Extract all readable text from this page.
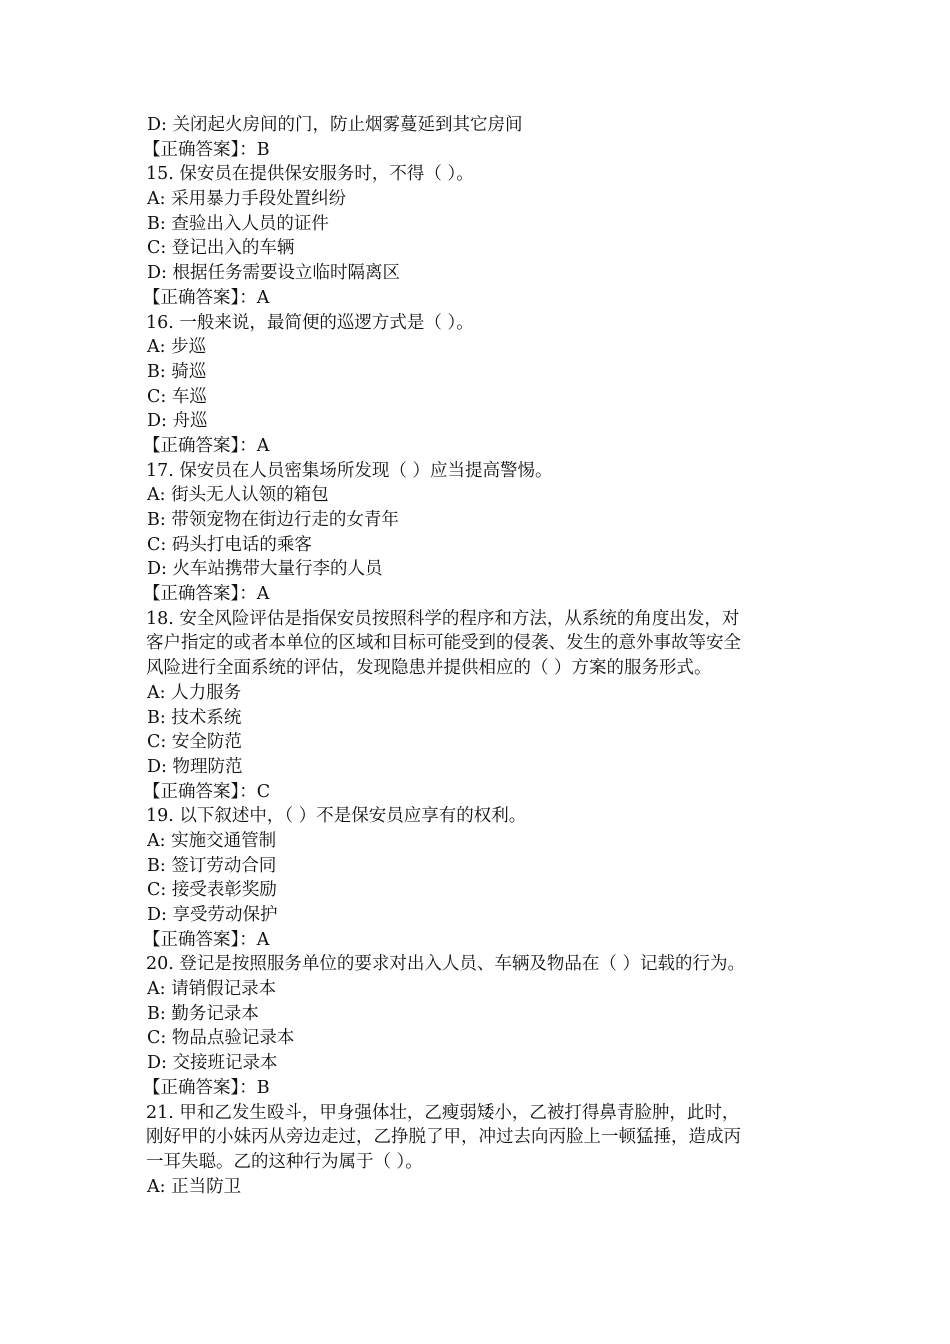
D: 关闭起火房间的门，防止烟雾蔓延到其它房间
【正确答案】：B
15. 保安员在提供保安服务时，不得（ ）。
A: 采用暴力手段处置纠纷
B: 查验出入人员的证件
C: 登记出入的车辆
D: 根据任务需要设立临时隔离区
【正确答案】：A
16. 一般来说，最简便的巡逻方式是（ ）。
A: 步巡
B: 骑巡
C: 车巡
D: 舟巡
【正确答案】：A
17. 保安员在人员密集场所发现（ ）应当提高警惕。
A: 街头无人认领的箱包
B: 带领宠物在街边行走的女青年
C: 码头打电话的乘客
D: 火车站携带大量行李的人员
【正确答案】：A
18. 安全风险评估是指保安员按照科学的程序和方法，从系统的角度出发，对
客户指定的或者本单位的区域和目标可能受到的侵袭、发生的意外事故等安全
风险进行全面系统的评估，发现隐患并提供相应的（ ）方案的服务形式。
A: 人力服务
B: 技术系统
C: 安全防范
D: 物理防范
【正确答案】：C
19. 以下叙述中，（ ）不是保安员应享有的权利。
A: 实施交通管制
B: 签订劳动合同
C: 接受表彰奖励
D: 享受劳动保护
【正确答案】：A
20. 登记是按照服务单位的要求对出入人员、车辆及物品在（ ）记载的行为。
A: 请销假记录本
B: 勤务记录本
C: 物品点验记录本
D: 交接班记录本
【正确答案】：B
21. 甲和乙发生殴斗，甲身强体壮，乙瘦弱矮小，乙被打得鼻青脸肿，此时，
刚好甲的小妹丙从旁边走过，乙挣脱了甲，冲过去向丙脸上一顿猛捶，造成丙
一耳失聪。乙的这种行为属于（ ）。
A: 正当防卫
